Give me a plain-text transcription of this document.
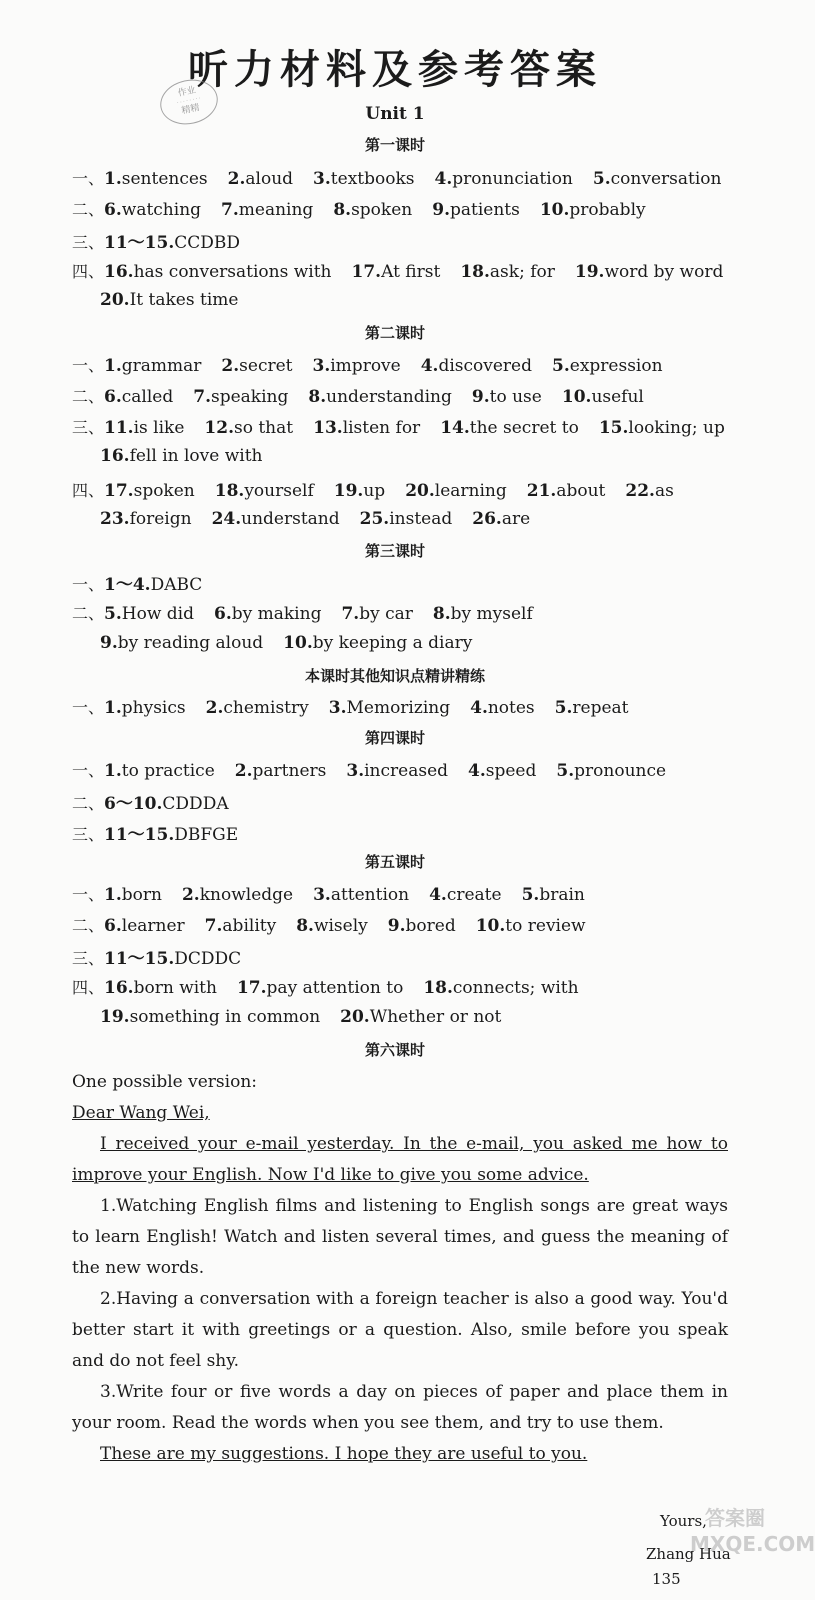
听力材料及参考答案
作业
· · · · · · · ·
精精	Unit 1
第一课时
一、1.sentences 2.aloud 3.textbooks 4.pronunciation 5.conversation
二、6.watching 7.meaning 8.spoken 9.patients 10.probably
三、11～15.CCDBD
四、16.has conversations with 17.At first 18.ask; for 19.word by word
20.It takes time
第二课时
一、1.grammar 2.secret 3.improve 4.discovered 5.expression
二、6.called 7.speaking 8.understanding 9.to use 10.useful
三、11.is like 12.so that 13.listen for 14.the secret to 15.looking; up
16.fell in love with
四、17.spoken 18.yourself 19.up 20.learning 21.about 22.as
23.foreign 24.understand 25.instead 26.are
第三课时
一、1～4.DABC
二、5.How did 6.by making 7.by car 8.by myself
9.by reading aloud 10.by keeping a diary
本课时其他知识点精讲精练
一、1.physics 2.chemistry 3.Memorizing 4.notes 5.repeat
第四课时
一、1.to practice 2.partners 3.increased 4.speed 5.pronounce
二、6～10.CDDDA
三、11～15.DBFGE
第五课时
一、1.born 2.knowledge 3.attention 4.create 5.brain
二、6.learner 7.ability 8.wisely 9.bored 10.to review
三、11～15.DCDDC
四、16.born with 17.pay attention to 18.connects; with
19.something in common 20.Whether or not
第六课时
One possible version:
Dear Wang Wei,

I received your e-mail yesterday. In the e-mail, you asked me how to improve your English. Now I'd like to give you some advice.

1.Watching English films and listening to English songs are great ways to learn English! Watch and listen several times, and guess the meaning of the new words.

2.Having a conversation with a foreign teacher is also a good way. You'd better start it with greetings or a question. Also, smile before you speak and do not feel shy.

3.Write four or five words a day on pieces of paper and place them in your room. Read the words when you see them, and try to use them.

These are my suggestions. I hope they are useful to you.

Yours,
Zhang Hua
135
答案圈 MXQE.COM
